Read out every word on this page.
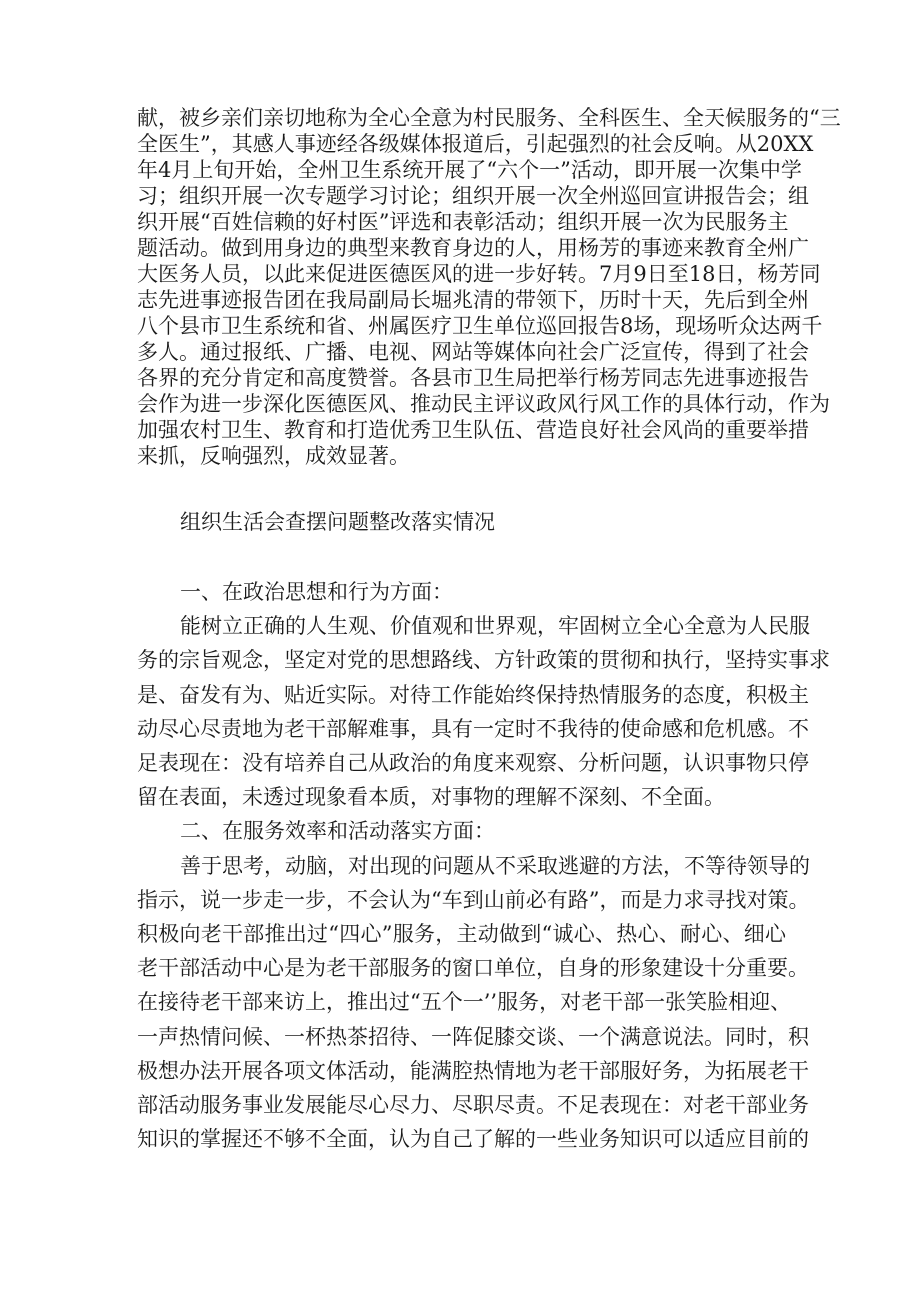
献，被乡亲们亲切地称为全心全意为村民服务、全科医生、全天候服务的“三
全医生”，其感人事迹经各级媒体报道后，引起强烈的社会反响。从20XX
年4月上旬开始，全州卫生系统开展了“六个一”活动，即开展一次集中学
习；组织开展一次专题学习讨论；组织开展一次全州巡回宣讲报告会；组
织开展“百姓信赖的好村医”评选和表彰活动；组织开展一次为民服务主
题活动。做到用身边的典型来教育身边的人，用杨芳的事迹来教育全州广
大医务人员，以此来促进医德医风的进一步好转。7月9日至18日，杨芳同
志先进事迹报告团在我局副局长堀兆清的带领下，历时十天，先后到全州
八个县市卫生系统和省、州属医疗卫生单位巡回报告8场，现场听众达两千
多人。通过报纸、广播、电视、网站等媒体向社会广泛宣传，得到了社会
各界的充分肯定和高度赞誉。各县市卫生局把举行杨芳同志先进事迹报告
会作为进一步深化医德医风、推动民主评议政风行风工作的具体行动，作为
加强农村卫生、教育和打造优秀卫生队伍、营造良好社会风尚的重要举措
来抓，反响强烈，成效显著。
组织生活会查摆问题整改落实情况
一、在政治思想和行为方面：
能树立正确的人生观、价值观和世界观，牢固树立全心全意为人民服
务的宗旨观念，坚定对党的思想路线、方针政策的贯彻和执行，坚持实事求
是、奋发有为、贴近实际。对待工作能始终保持热情服务的态度，积极主
动尽心尽责地为老干部解难事，具有一定时不我待的使命感和危机感。不
足表现在：没有培养自己从政治的角度来观察、分析问题，认识事物只停
留在表面，未透过现象看本质，对事物的理解不深刻、不全面。
二、在服务效率和活动落实方面：
善于思考，动脑，对出现的问题从不采取逃避的方法，不等待领导的
指示，说一步走一步，不会认为“车到山前必有路”，而是力求寻找对策。
积极向老干部推出过“四心”服务，主动做到“诚心、热心、耐心、细心
老干部活动中心是为老干部服务的窗口单位，自身的形象建设十分重要。
在接待老干部来访上，推出过“五个一’’服务，对老干部一张笑脸相迎、
一声热情问候、一杯热茶招待、一阵促膝交谈、一个满意说法。同时，积
极想办法开展各项文体活动，能满腔热情地为老干部服好务，为拓展老干
部活动服务事业发展能尽心尽力、尽职尽责。不足表现在：对老干部业务
知识的掌握还不够不全面，认为自己了解的一些业务知识可以适应目前的
